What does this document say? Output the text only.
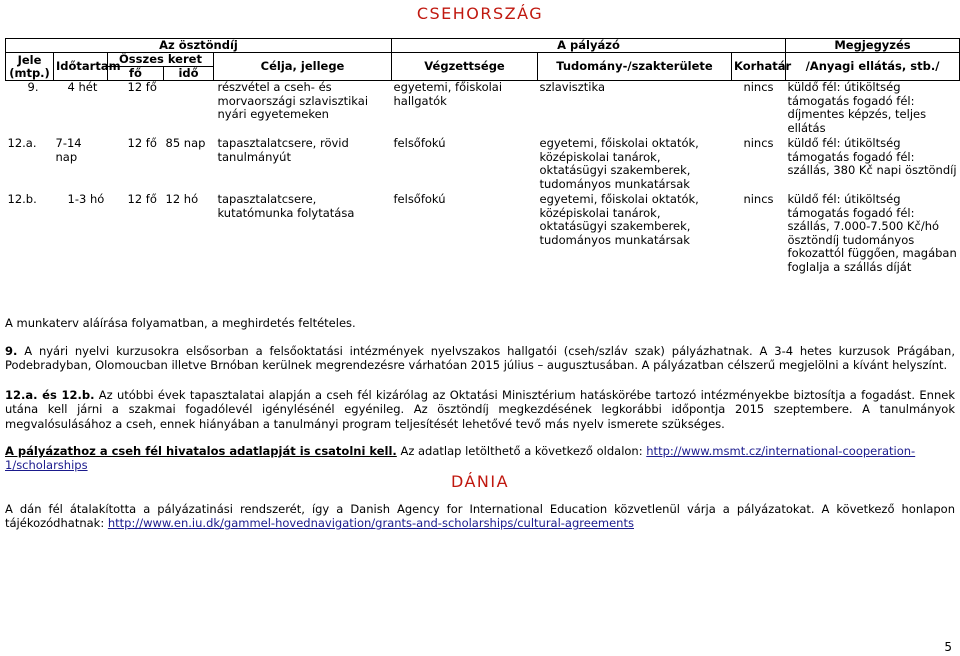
CSEHORSZÁG
Az ösztöndíj					A pályázó			Megjegyzés
Jele
(mtp.)	Időtartam	Összes keret		Célja, jellege	Végzettsége	Tudomány-/szakterülete	Korhatár	/Anyagi ellátás, stb./
		fő	idő					
9.	4 hét	12 fő		részvétel a cseh- és morvaországi szlavisztikai nyári egyetemeken	egyetemi, főiskolai hallgatók	szlavisztika	nincs	küldő fél: útiköltség támogatás fogadó fél: díjmentes képzés, teljes ellátás
12.a.	7-14 nap	12 fő	85 nap	tapasztalatcsere, rövid tanulmányút	felsőfokú	egyetemi, főiskolai oktatók, középiskolai tanárok, oktatásügyi szakemberek, tudományos munkatársak	nincs	küldő fél: útiköltség támogatás fogadó fél: szállás, 380 Kč napi ösztöndíj
12.b.	1-3 hó	12 fő	12 hó	tapasztalatcsere, kutatómunka folytatása	felsőfokú	egyetemi, főiskolai oktatók, középiskolai tanárok, oktatásügyi szakemberek, tudományos munkatársak	nincs	küldő fél: útiköltség támogatás fogadó fél: szállás, 7.000-7.500 Kč/hó ösztöndíj tudományos fokozattól függően, magában foglalja a szállás díját
A munkaterv aláírása folyamatban, a meghirdetés feltételes.
9. A nyári nyelvi kurzusokra elsősorban a felsőoktatási intézmények nyelvszakos hallgatói (cseh/szláv szak) pályázhatnak. A 3-4 hetes kurzusok Prágában, Podebradyban, Olomoucban illetve Brnóban kerülnek megrendezésre várhatóan 2015 július – augusztusában. A pályázatban célszerű megjelölni a kívánt helyszínt.
12.a. és 12.b. Az utóbbi évek tapasztalatai alapján a cseh fél kizárólag az Oktatási Minisztérium hatáskörébe tartozó intézményekbe biztosítja a fogadást. Ennek utána kell járni a szakmai fogadólevél igénylésénél egyénileg. Az ösztöndíj megkezdésének legkorábbi időpontja 2015 szeptembere. A tanulmányok megvalósulásához a cseh, ennek hiányában a tanulmányi program teljesítését lehetővé tevő más nyelv ismerete szükséges.
A pályázathoz a cseh fél hivatalos adatlapját is csatolni kell. Az adatlap letölthető a következő oldalon: http://www.msmt.cz/international-cooperation-
1/scholarships
DÁNIA
A dán fél átalakította a pályázatinási rendszerét, így a Danish Agency for International Education közvetlenül várja a pályázatokat. A következő honlapon tájékozódhatnak: http://www.en.iu.dk/gammel-hovednavigation/grants-and-scholarships/cultural-agreements
5
